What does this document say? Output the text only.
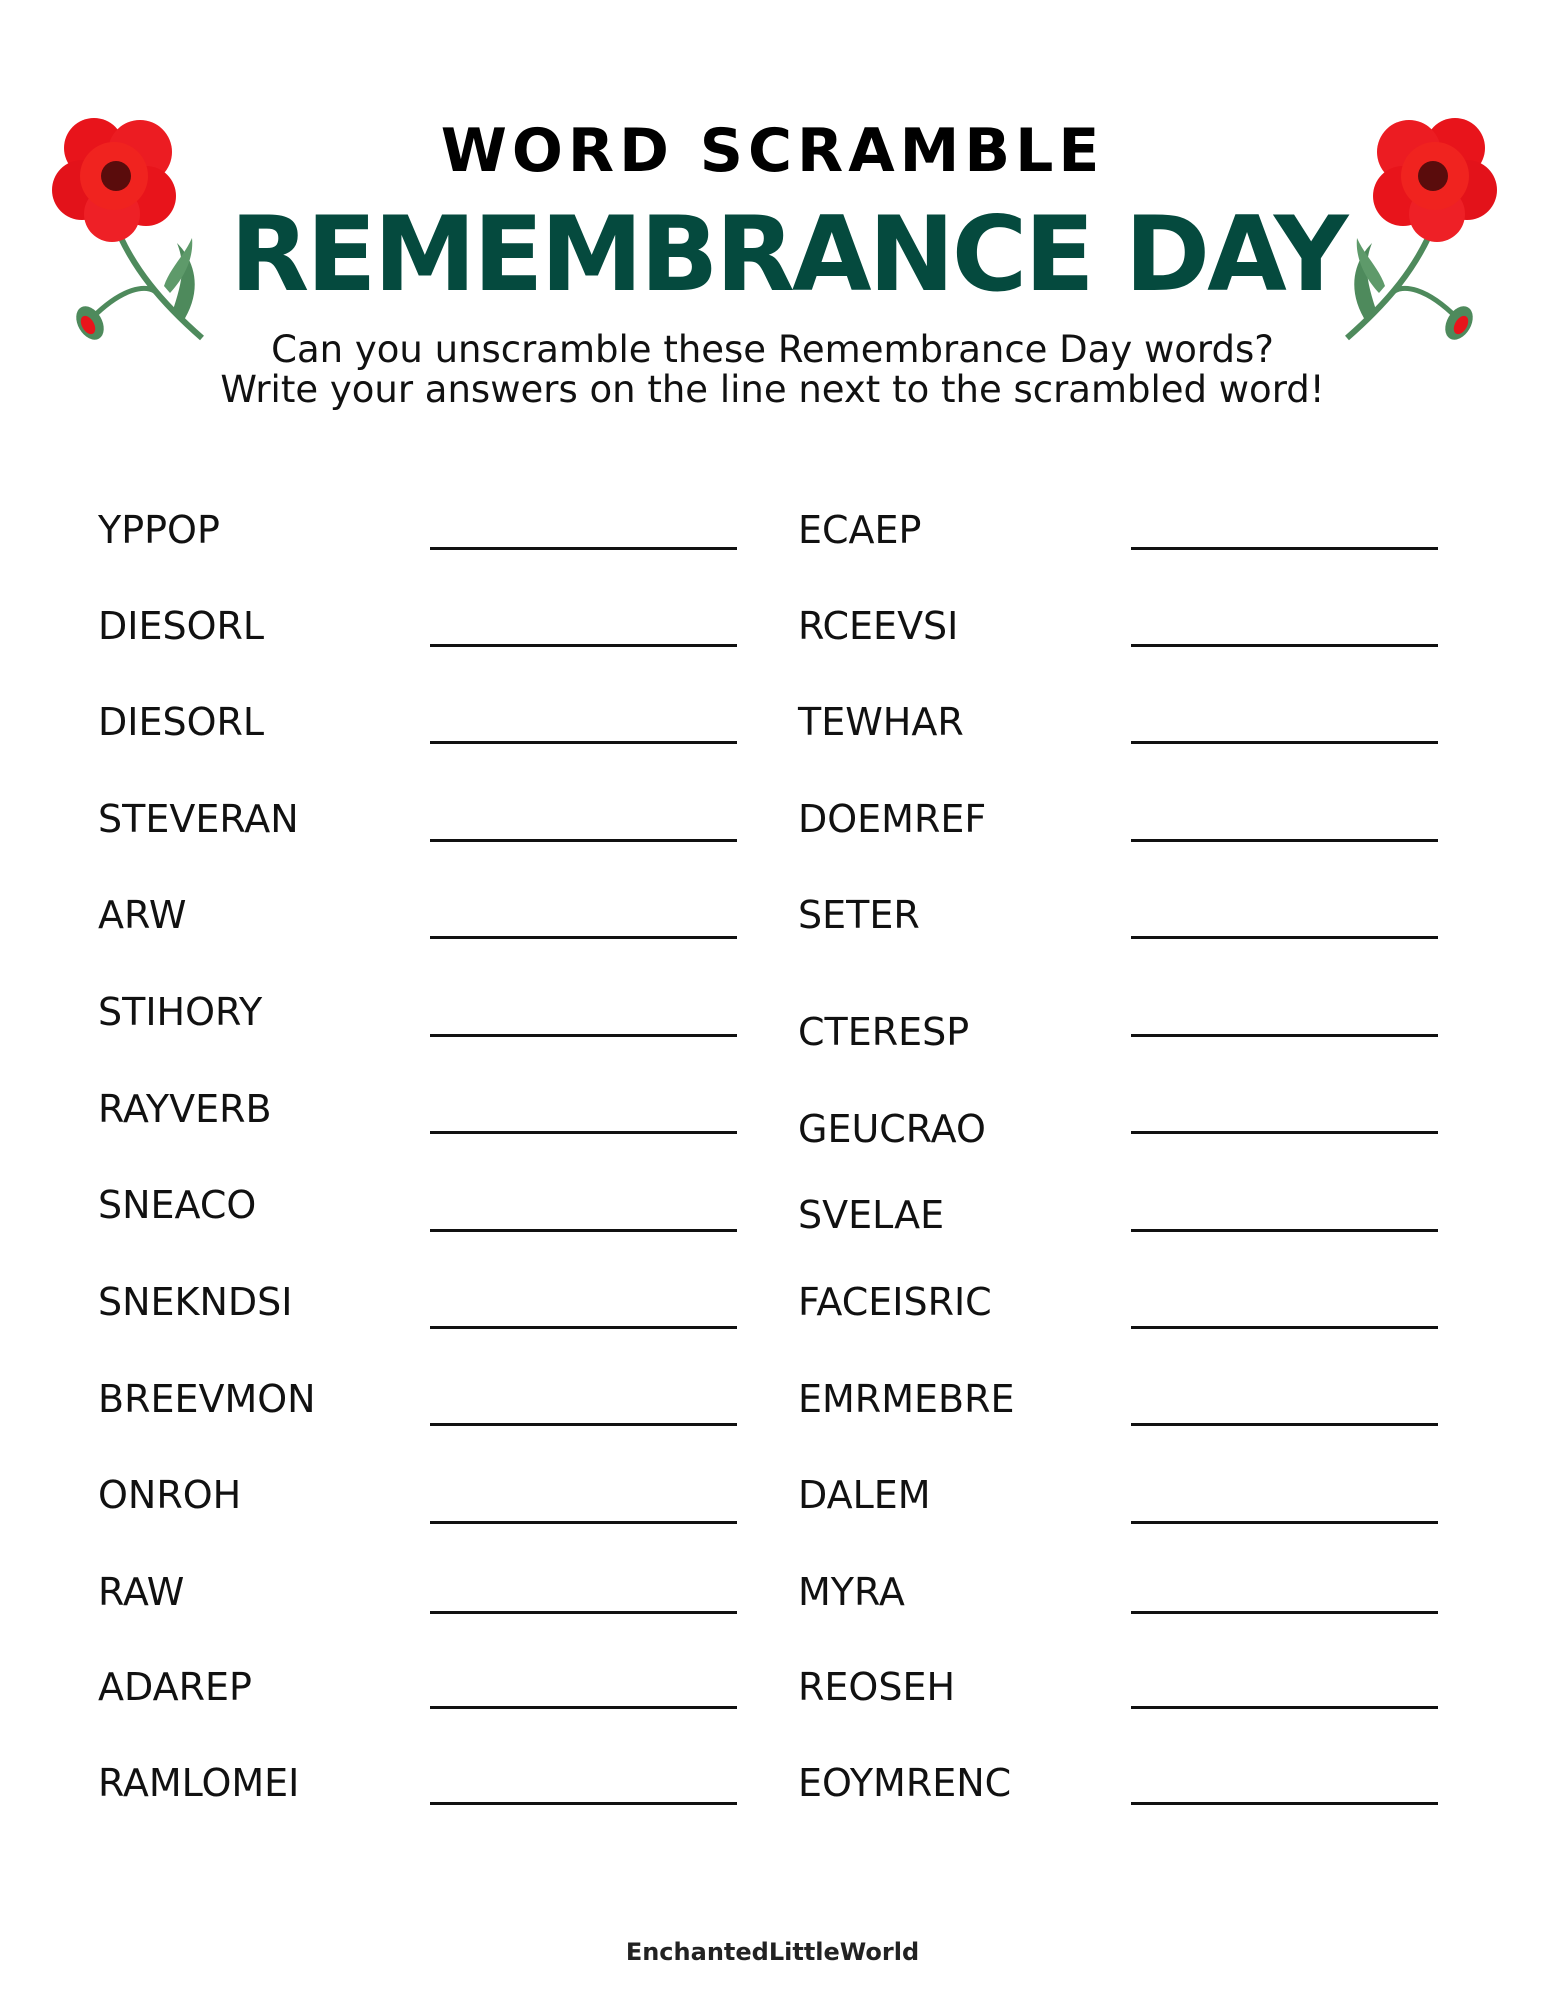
WORD SCRAMBLE
REMEMBRANCE DAY
Can you unscramble these Remembrance Day words?
Write your answers on the line next to the scrambled word!
YPPOP
DIESORL
DIESORL
STEVERAN
ARW
STIHORY
RAYVERB
SNEACO
SNEKNDSI
BREEVMON
ONROH
RAW
ADAREP
RAMLOMEI
ECAEP
RCEEVSI
TEWHAR
DOEMREF
SETER
CTERESP
GEUCRAO
SVELAE
FACEISRIC
EMRMEBRE
DALEM
MYRA
REOSEH
EOYMRENC
EnchantedLittleWorld
